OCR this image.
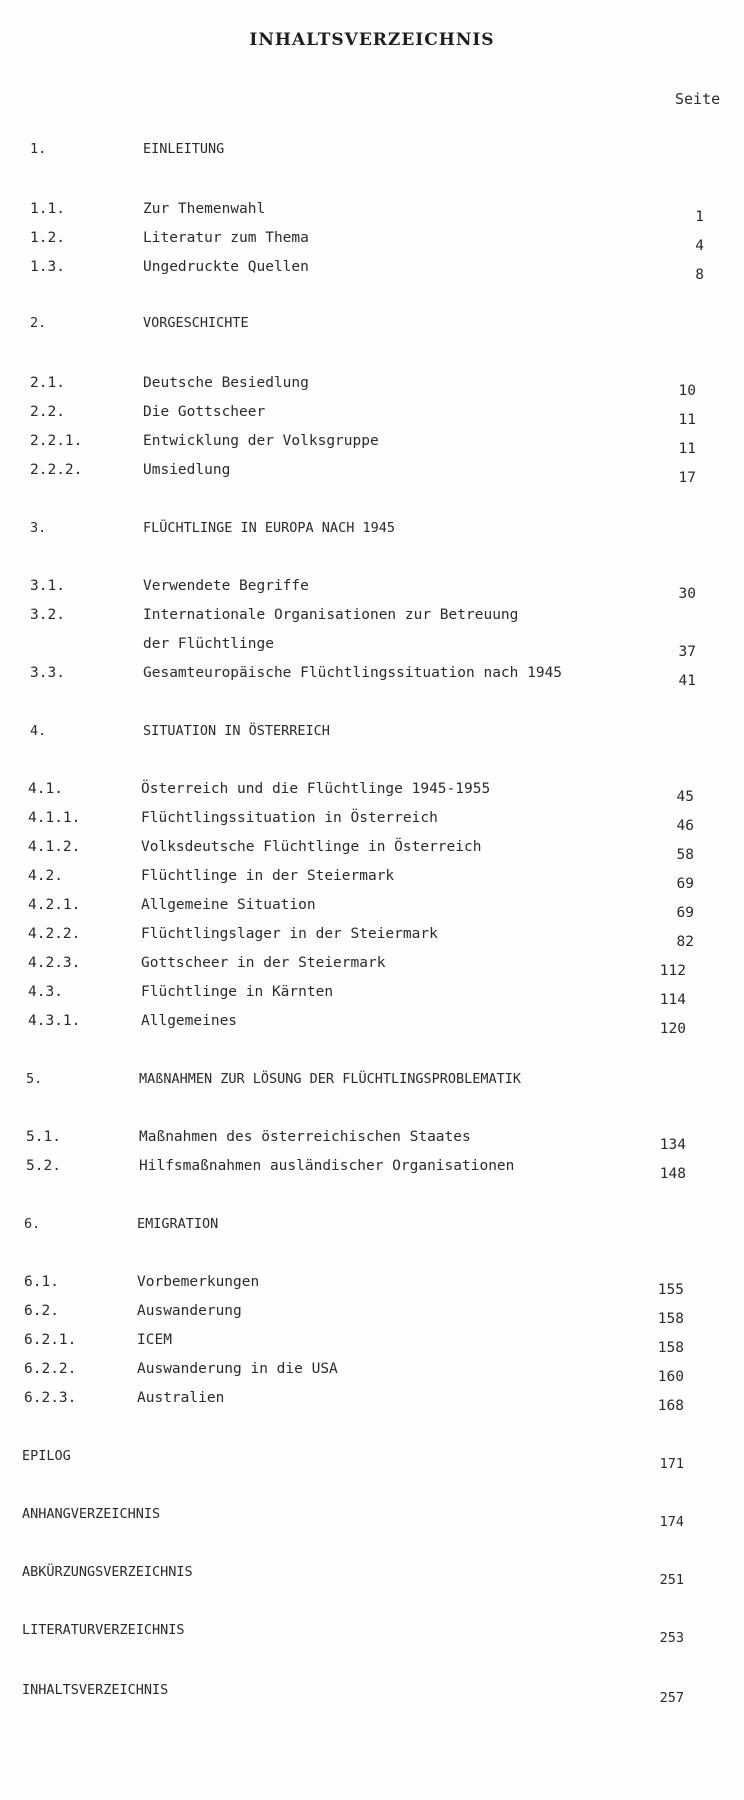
INHALTSVERZEICHNIS
Seite
1.	EINLEITUNG
1.1.	Zur Themenwahl	1
1.2.	Literatur zum Thema	4
1.3.	Ungedruckte Quellen	8
2.	VORGESCHICHTE
2.1.	Deutsche Besiedlung	10
2.2.	Die Gottscheer	11
2.2.1.	Entwicklung der Volksgruppe	11
2.2.2.	Umsiedlung	17
3.	FLÜCHTLINGE IN EUROPA NACH 1945
3.1.	Verwendete Begriffe	30
3.2.	Internationale Organisationen zur Betreuung
der Flüchtlinge	37
3.3.	Gesamteuropäische Flüchtlingssituation nach 1945	41
4.	SITUATION IN ÖSTERREICH
4.1.	Österreich und die Flüchtlinge 1945-1955	45
4.1.1.	Flüchtlingssituation in Österreich	46
4.1.2.	Volksdeutsche Flüchtlinge in Österreich	58
4.2.	Flüchtlinge in der Steiermark	69
4.2.1.	Allgemeine Situation	69
4.2.2.	Flüchtlingslager in der Steiermark	82
4.2.3.	Gottscheer in der Steiermark	112
4.3.	Flüchtlinge in Kärnten	114
4.3.1.	Allgemeines	120
5.	MAßNAHMEN ZUR LÖSUNG DER FLÜCHTLINGSPROBLEMATIK
5.1.	Maßnahmen des österreichischen Staates	134
5.2.	Hilfsmaßnahmen ausländischer Organisationen	148
6.	EMIGRATION
6.1.	Vorbemerkungen	155
6.2.	Auswanderung	158
6.2.1.	ICEM	158
6.2.2.	Auswanderung in die USA	160
6.2.3.	Australien	168
EPILOG	171
ANHANGVERZEICHNIS	174
ABKÜRZUNGSVERZEICHNIS	251
LITERATURVERZEICHNIS	253
INHALTSVERZEICHNIS	257
